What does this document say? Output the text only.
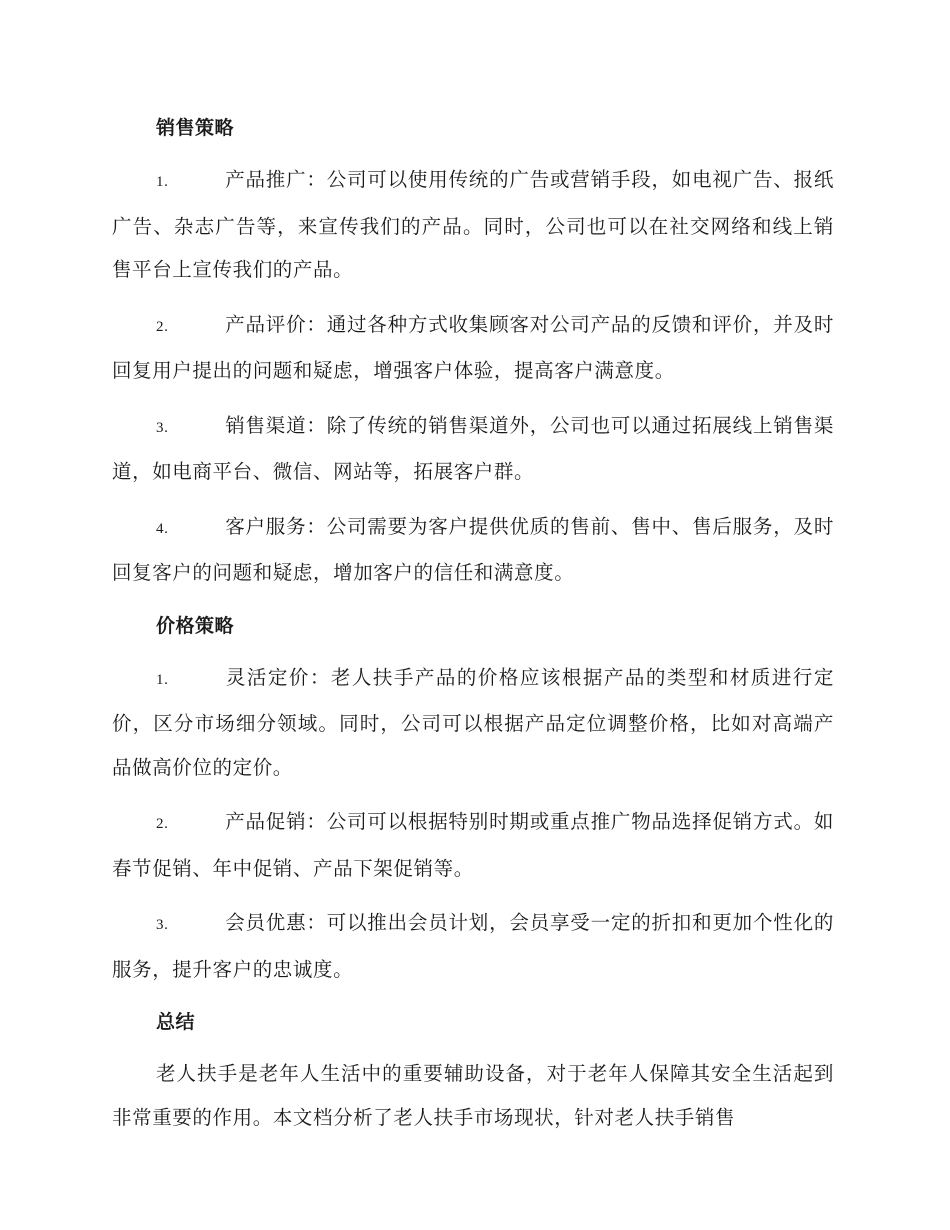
销售策略

1.	产品推广：公司可以使用传统的广告或营销手段，如电视广告、报纸广告、杂志广告等，来宣传我们的产品。同时，公司也可以在社交网络和线上销售平台上宣传我们的产品。

2.	产品评价：通过各种方式收集顾客对公司产品的反馈和评价，并及时回复用户提出的问题和疑虑，增强客户体验，提高客户满意度。

3.	销售渠道：除了传统的销售渠道外，公司也可以通过拓展线上销售渠道，如电商平台、微信、网站等，拓展客户群。

4.	客户服务：公司需要为客户提供优质的售前、售中、售后服务，及时回复客户的问题和疑虑，增加客户的信任和满意度。

价格策略

1.	灵活定价：老人扶手产品的价格应该根据产品的类型和材质进行定价，区分市场细分领域。同时，公司可以根据产品定位调整价格，比如对高端产品做高价位的定价。

2.	产品促销：公司可以根据特别时期或重点推广物品选择促销方式。如春节促销、年中促销、产品下架促销等。

3.	会员优惠：可以推出会员计划，会员享受一定的折扣和更加个性化的服务，提升客户的忠诚度。

总结

老人扶手是老年人生活中的重要辅助设备，对于老年人保障其安全生活起到非常重要的作用。本文档分析了老人扶手市场现状，针对老人扶手销售
